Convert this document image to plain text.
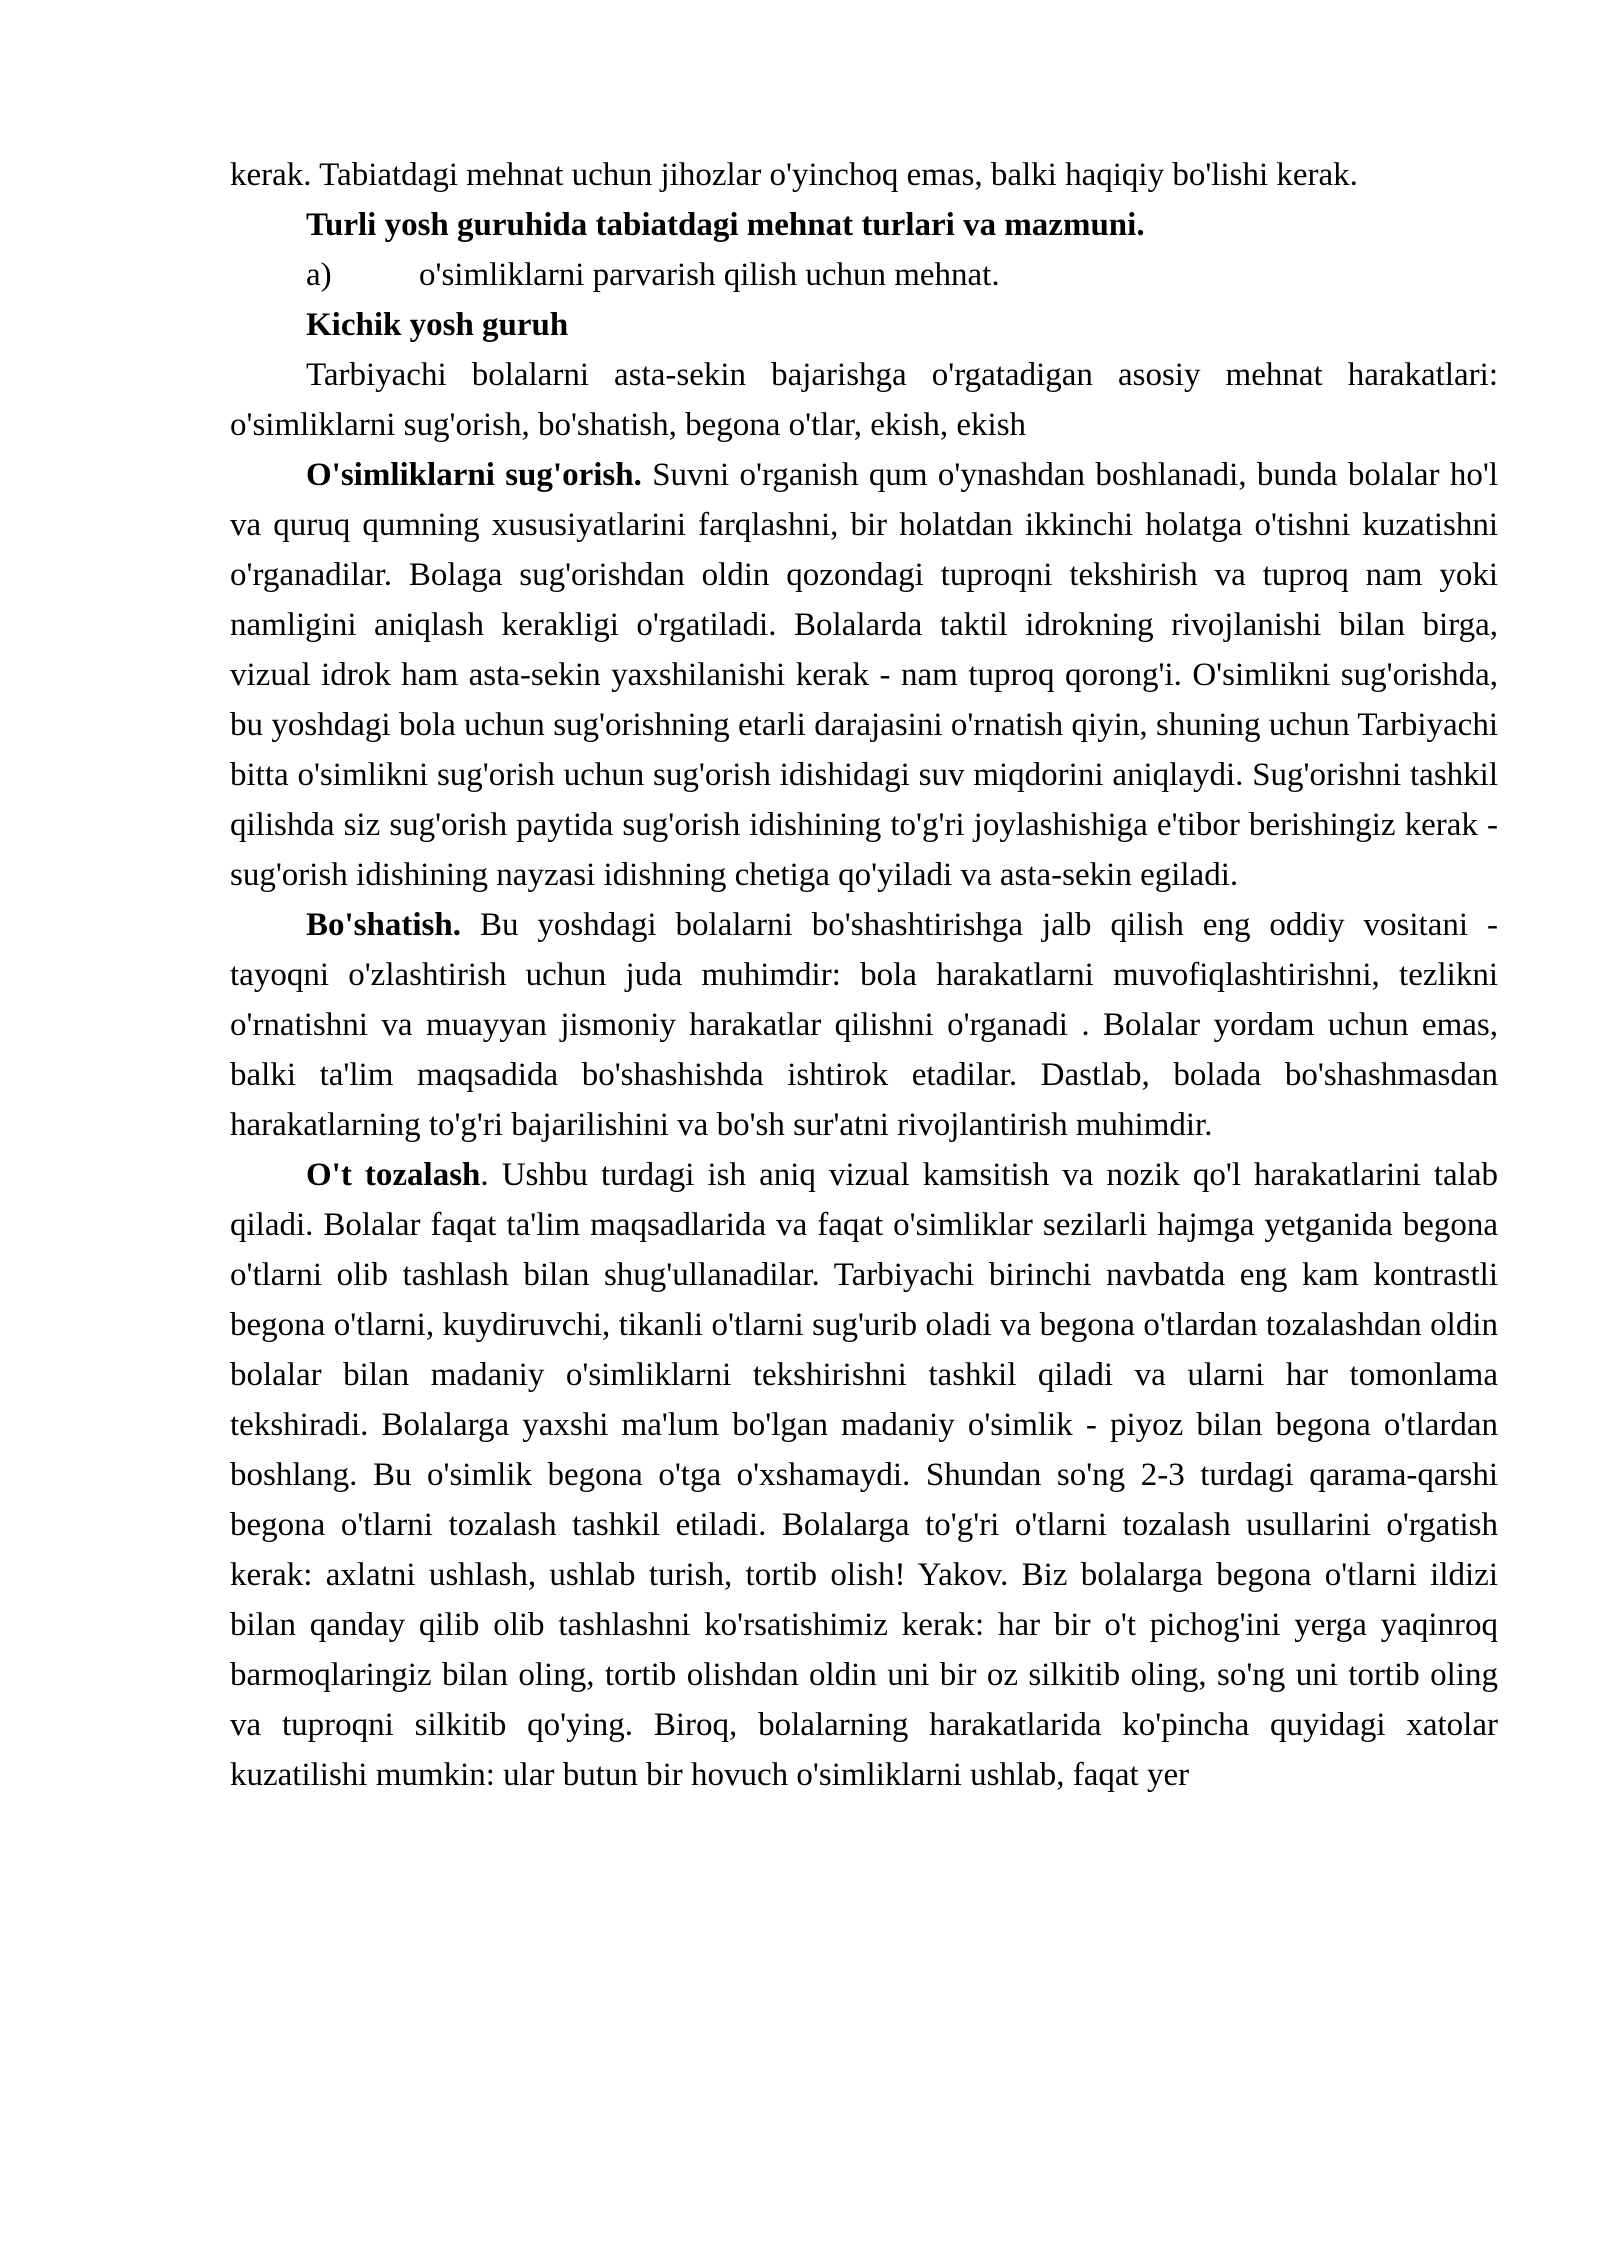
kerak. Tabiatdagi mehnat uchun jihozlar o'yinchoq emas, balki haqiqiy bo'lishi kerak.

Turli yosh guruhida tabiatdagi mehnat turlari va mazmuni.

a)	o'simliklarni parvarish qilish uchun mehnat.

Kichik yosh guruh

Tarbiyachi bolalarni asta-sekin bajarishga o'rgatadigan asosiy mehnat harakatlari: o'simliklarni sug'orish, bo'shatish, begona o'tlar, ekish, ekish

O'simliklarni sug'orish. Suvni o'rganish qum o'ynashdan boshlanadi, bunda bolalar ho'l va quruq qumning xususiyatlarini farqlashni, bir holatdan ikkinchi holatga o'tishni kuzatishni o'rganadilar. Bolaga sug'orishdan oldin qozondagi tuproqni tekshirish va tuproq nam yoki namligini aniqlash kerakligi o'rgatiladi. Bolalarda taktil idrokning rivojlanishi bilan birga, vizual idrok ham asta-sekin yaxshilanishi kerak - nam tuproq qorong'i. O'simlikni sug'orishda, bu yoshdagi bola uchun sug'orishning etarli darajasini o'rnatish qiyin, shuning uchun Tarbiyachi bitta o'simlikni sug'orish uchun sug'orish idishidagi suv miqdorini aniqlaydi. Sug'orishni tashkil qilishda siz sug'orish paytida sug'orish idishining to'g'ri joylashishiga e'tibor berishingiz kerak - sug'orish idishining nayzasi idishning chetiga qo'yiladi va asta-sekin egiladi.

Bo'shatish. Bu yoshdagi bolalarni bo'shashtirishga jalb qilish eng oddiy vositani - tayoqni o'zlashtirish uchun juda muhimdir: bola harakatlarni muvofiqlashtirishni, tezlikni o'rnatishni va muayyan jismoniy harakatlar qilishni o'rganadi . Bolalar yordam uchun emas, balki ta'lim maqsadida bo'shashishda ishtirok etadilar. Dastlab, bolada bo'shashmasdan harakatlarning to'g'ri bajarilishini va bo'sh sur'atni rivojlantirish muhimdir.

O't tozalash. Ushbu turdagi ish aniq vizual kamsitish va nozik qo'l harakatlarini talab qiladi. Bolalar faqat ta'lim maqsadlarida va faqat o'simliklar sezilarli hajmga yetganida begona o'tlarni olib tashlash bilan shug'ullanadilar. Tarbiyachi birinchi navbatda eng kam kontrastli begona o'tlarni, kuydiruvchi, tikanli o'tlarni sug'urib oladi va begona o'tlardan tozalashdan oldin bolalar bilan madaniy o'simliklarni tekshirishni tashkil qiladi va ularni har tomonlama tekshiradi. Bolalarga yaxshi ma'lum bo'lgan madaniy o'simlik - piyoz bilan begona o'tlardan boshlang. Bu o'simlik begona o'tga o'xshamaydi. Shundan so'ng 2-3 turdagi qarama-qarshi begona o'tlarni tozalash tashkil etiladi. Bolalarga to'g'ri o'tlarni tozalash usullarini o'rgatish kerak: axlatni ushlash, ushlab turish, tortib olish! Yakov. Biz bolalarga begona o'tlarni ildizi bilan qanday qilib olib tashlashni ko'rsatishimiz kerak: har bir o't pichog'ini yerga yaqinroq barmoqlaringiz bilan oling, tortib olishdan oldin uni bir oz silkitib oling, so'ng uni tortib oling va tuproqni silkitib qo'ying. Biroq, bolalarning harakatlarida ko'pincha quyidagi xatolar kuzatilishi mumkin: ular butun bir hovuch o'simliklarni ushlab, faqat yer
